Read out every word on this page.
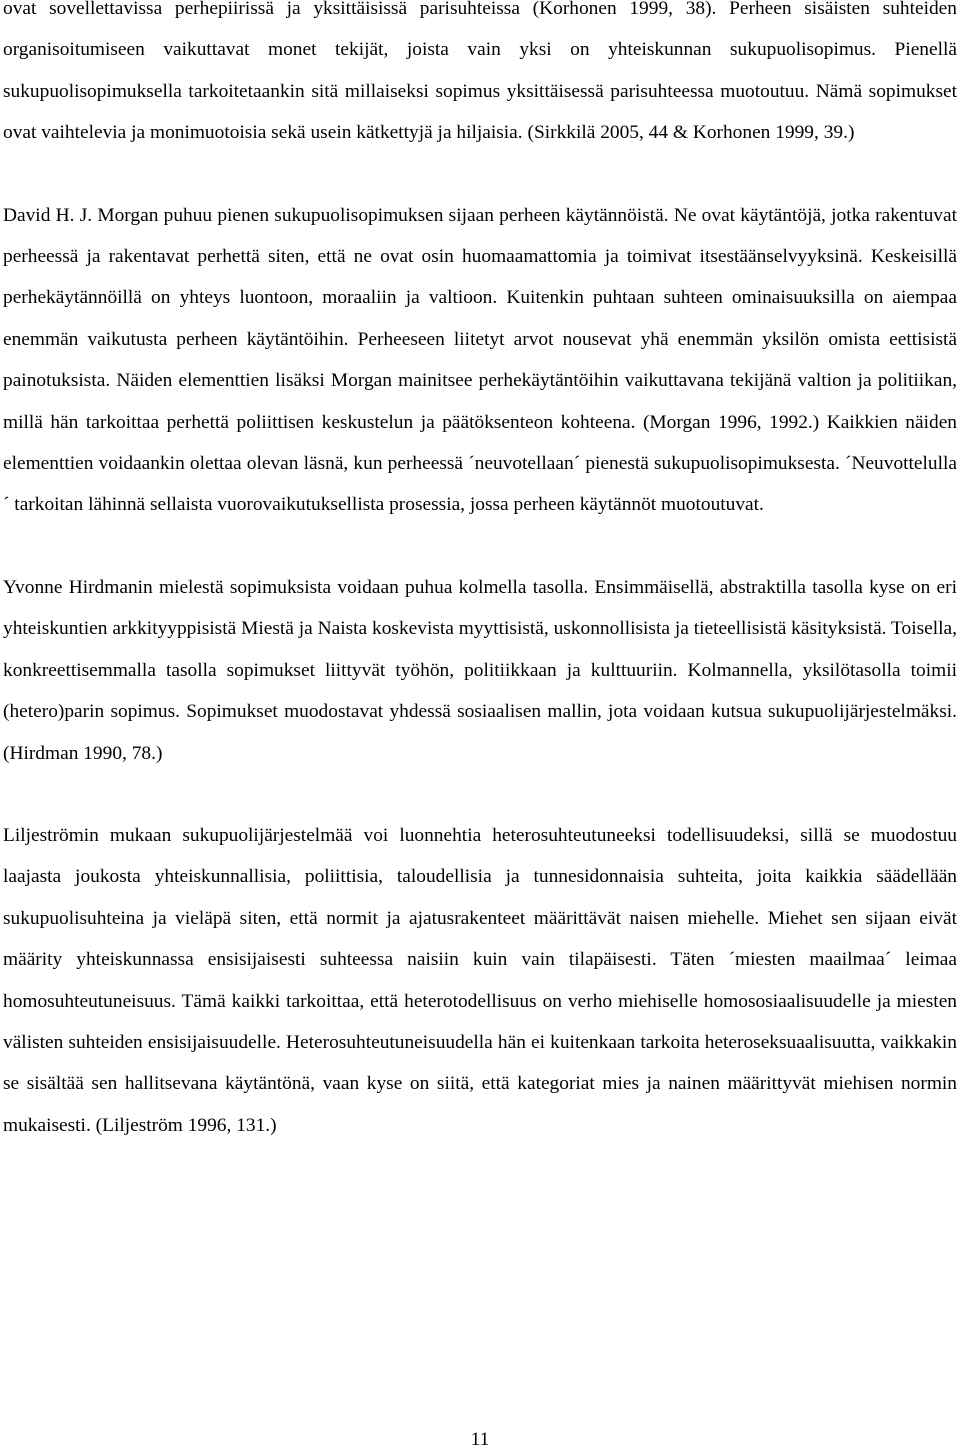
ovat sovellettavissa perhepiirissä ja yksittäisissä parisuhteissa (Korhonen 1999, 38). Perheen sisäisten suhteiden organisoitumiseen vaikuttavat monet tekijät, joista vain yksi on yhteiskunnan sukupuolisopimus. Pienellä sukupuolisopimuksella tarkoitetaankin sitä millaiseksi sopimus yksittäisessä parisuhteessa muotoutuu. Nämä sopimukset ovat vaihtelevia ja monimuotoisia sekä usein kätkettyjä ja hiljaisia. (Sirkkilä 2005, 44 & Korhonen 1999, 39.)

David H. J. Morgan puhuu pienen sukupuolisopimuksen sijaan perheen käytännöistä. Ne ovat käytäntöjä, jotka rakentuvat perheessä ja rakentavat perhettä siten, että ne ovat osin huomaamattomia ja toimivat itsestäänselvyyksinä. Keskeisillä perhekäytännöillä on yhteys luontoon, moraaliin ja valtioon. Kuitenkin puhtaan suhteen ominaisuuksilla on aiempaa enemmän vaikutusta perheen käytäntöihin. Perheeseen liitetyt arvot nousevat yhä enemmän yksilön omista eettisistä painotuksista. Näiden elementtien lisäksi Morgan mainitsee perhekäytäntöihin vaikuttavana tekijänä valtion ja politiikan, millä hän tarkoittaa perhettä poliittisen keskustelun ja päätöksenteon kohteena. (Morgan 1996, 1992.) Kaikkien näiden elementtien voidaankin olettaa olevan läsnä, kun perheessä ´neuvotellaan´ pienestä sukupuolisopimuksesta. ´Neuvottelulla´ tarkoitan lähinnä sellaista vuorovaikutuksellista prosessia, jossa perheen käytännöt muotoutuvat.

Yvonne Hirdmanin mielestä sopimuksista voidaan puhua kolmella tasolla. Ensimmäisellä, abstraktilla tasolla kyse on eri yhteiskuntien arkkityyppisistä Miestä ja Naista koskevista myyttisistä, uskonnollisista ja tieteellisistä käsityksistä. Toisella, konkreettisemmalla tasolla sopimukset liittyvät työhön, politiikkaan ja kulttuuriin. Kolmannella, yksilötasolla toimii (hetero)parin sopimus. Sopimukset muodostavat yhdessä sosiaalisen mallin, jota voidaan kutsua sukupuolijärjestelmäksi. (Hirdman 1990, 78.)

Liljeströmin mukaan sukupuolijärjestelmää voi luonnehtia heterosuhteutuneeksi todellisuudeksi, sillä se muodostuu laajasta joukosta yhteiskunnallisia, poliittisia, taloudellisia ja tunnesidonnaisia suhteita, joita kaikkia säädellään sukupuolisuhteina ja vieläpä siten, että normit ja ajatusrakenteet määrittävät naisen miehelle. Miehet sen sijaan eivät määrity yhteiskunnassa ensisijaisesti suhteessa naisiin kuin vain tilapäisesti. Täten ´miesten maailmaa´ leimaa homosuhteutuneisuus. Tämä kaikki tarkoittaa, että heterotodellisuus on verho miehiselle homososiaalisuudelle ja miesten välisten suhteiden ensisijaisuudelle. Heterosuhteutuneisuudella hän ei kuitenkaan tarkoita heteroseksuaalisuutta, vaikkakin se sisältää sen hallitsevana käytäntönä, vaan kyse on siitä, että kategoriat mies ja nainen määrittyvät miehisen normin mukaisesti. (Liljeström 1996, 131.)

11
